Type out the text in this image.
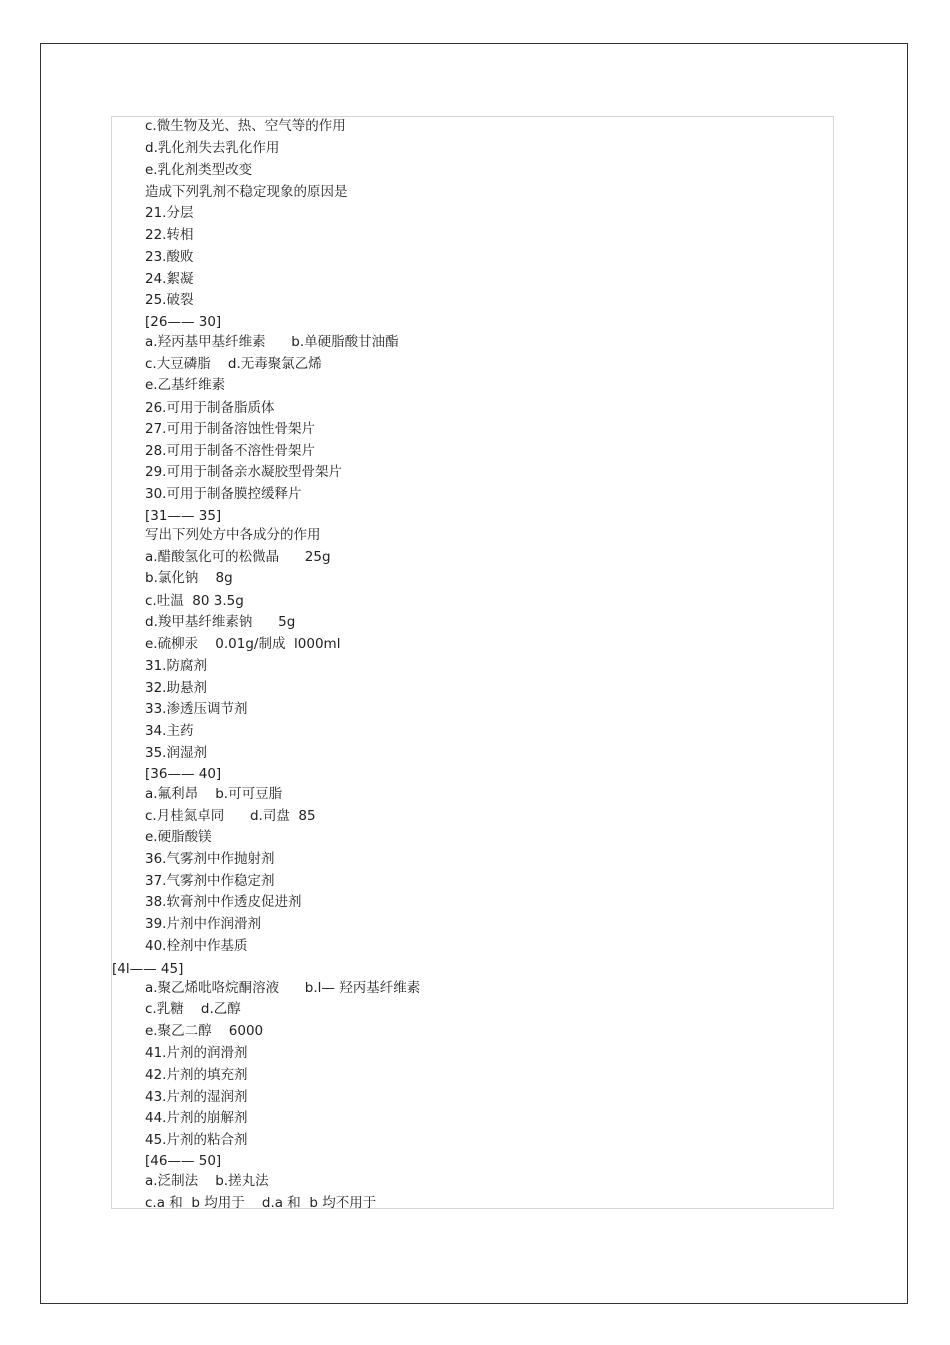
c.微生物及光、热、空气等的作用
d.乳化剂失去乳化作用
e.乳化剂类型改变
造成下列乳剂不稳定现象的原因是
21.分层
22.转相
23.酸败
24.絮凝
25.破裂
[26—— 30]
a.羟丙基甲基纤维素      b.单硬脂酸甘油酯
c.大豆磷脂    d.无毒聚氯乙烯
e.乙基纤维素
26.可用于制备脂质体
27.可用于制备溶蚀性骨架片
28.可用于制备不溶性骨架片
29.可用于制备亲水凝胶型骨架片
30.可用于制备膜控缓释片
[31—— 35]
写出下列处方中各成分的作用
a.醋酸氢化可的松微晶      25g
b.氯化钠    8g
c.吐温  80 3.5g
d.羧甲基纤维素钠      5g
e.硫柳汞    0.01g/制成  l000ml
31.防腐剂
32.助悬剂
33.渗透压调节剂
34.主药
35.润湿剂
[36—— 40]
a.氟利昂    b.可可豆脂
c.月桂氮卓同      d.司盘  85
e.硬脂酸镁
36.气雾剂中作抛射剂
37.气雾剂中作稳定剂
38.软膏剂中作透皮促进剂
39.片剂中作润滑剂
40.栓剂中作基质
[4l—— 45]
a.聚乙烯吡咯烷酮溶液      b.l— 羟丙基纤维素
c.乳糖    d.乙醇
e.聚乙二醇    6000
41.片剂的润滑剂
42.片剂的填充剂
43.片剂的湿润剂
44.片剂的崩解剂
45.片剂的粘合剂
[46—— 50]
a.泛制法    b.搓丸法
c.a 和  b 均用于    d.a 和  b 均不用于
